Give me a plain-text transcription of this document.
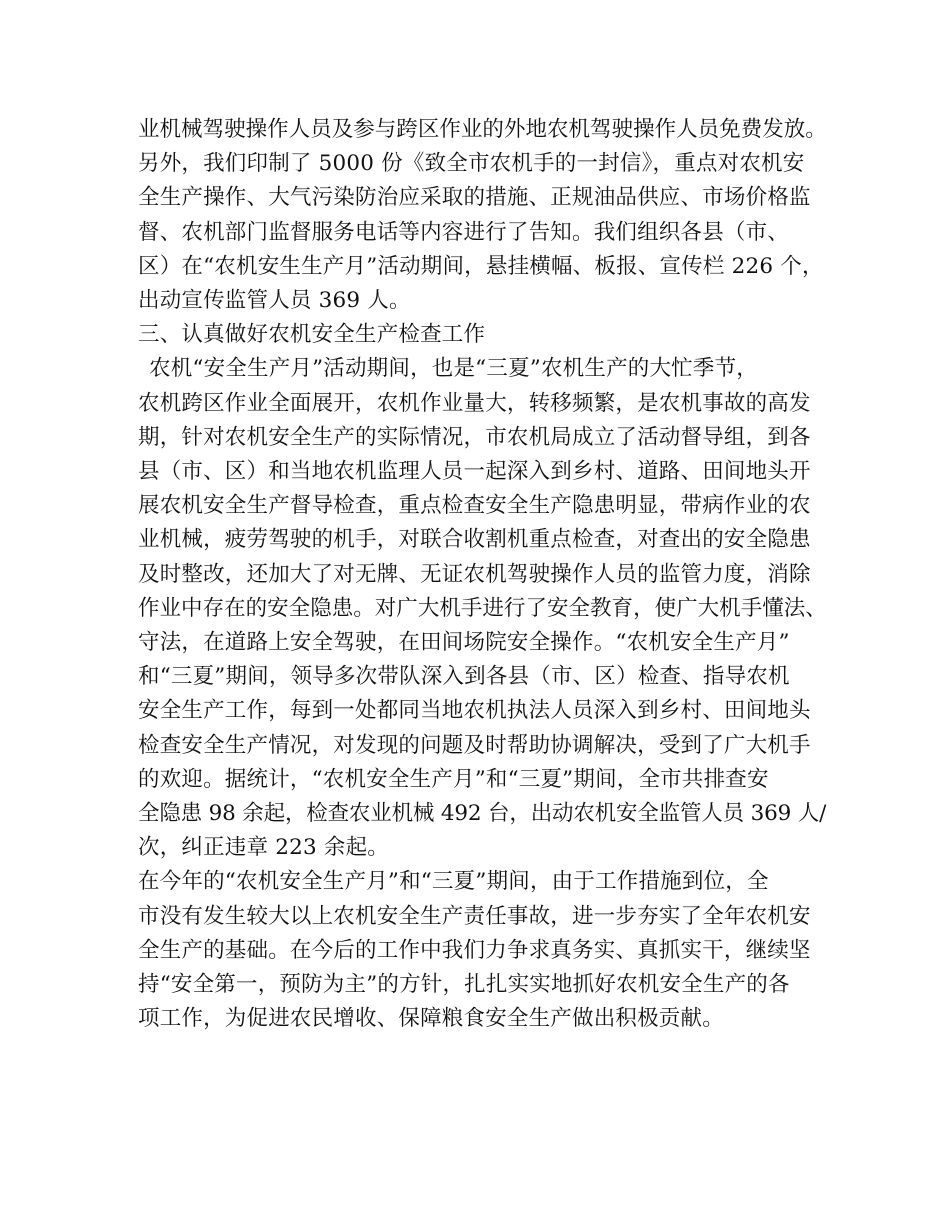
业机械驾驶操作人员及参与跨区作业的外地农机驾驶操作人员免费发放。
另外，我们印制了 5000 份《致全市农机手的一封信》，重点对农机安
全生产操作、大气污染防治应采取的措施、正规油品供应、市场价格监
督、农机部门监督服务电话等内容进行了告知。我们组织各县（市、
区）在“农机安生生产月”活动期间，悬挂横幅、板报、宣传栏 226 个，
出动宣传监管人员 369 人。
三、认真做好农机安全生产检查工作
农机“安全生产月”活动期间，也是“三夏”农机生产的大忙季节，
农机跨区作业全面展开，农机作业量大，转移频繁，是农机事故的高发
期，针对农机安全生产的实际情况，市农机局成立了活动督导组，到各
县（市、区）和当地农机监理人员一起深入到乡村、道路、田间地头开
展农机安全生产督导检查，重点检查安全生产隐患明显，带病作业的农
业机械，疲劳驾驶的机手，对联合收割机重点检查，对查出的安全隐患
及时整改，还加大了对无牌、无证农机驾驶操作人员的监管力度，消除
作业中存在的安全隐患。对广大机手进行了安全教育，使广大机手懂法、
守法，在道路上安全驾驶，在田间场院安全操作。“农机安全生产月”
和“三夏”期间，领导多次带队深入到各县（市、区）检查、指导农机
安全生产工作，每到一处都同当地农机执法人员深入到乡村、田间地头
检查安全生产情况，对发现的问题及时帮助协调解决，受到了广大机手
的欢迎。据统计，“农机安全生产月”和“三夏”期间，全市共排查安
全隐患 98 余起，检查农业机械 492 台，出动农机安全监管人员 369 人/
次，纠正违章 223 余起。
在今年的“农机安全生产月”和“三夏”期间，由于工作措施到位，全
市没有发生较大以上农机安全生产责任事故，进一步夯实了全年农机安
全生产的基础。在今后的工作中我们力争求真务实、真抓实干，继续坚
持“安全第一，预防为主”的方针，扎扎实实地抓好农机安全生产的各
项工作，为促进农民增收、保障粮食安全生产做出积极贡献。
